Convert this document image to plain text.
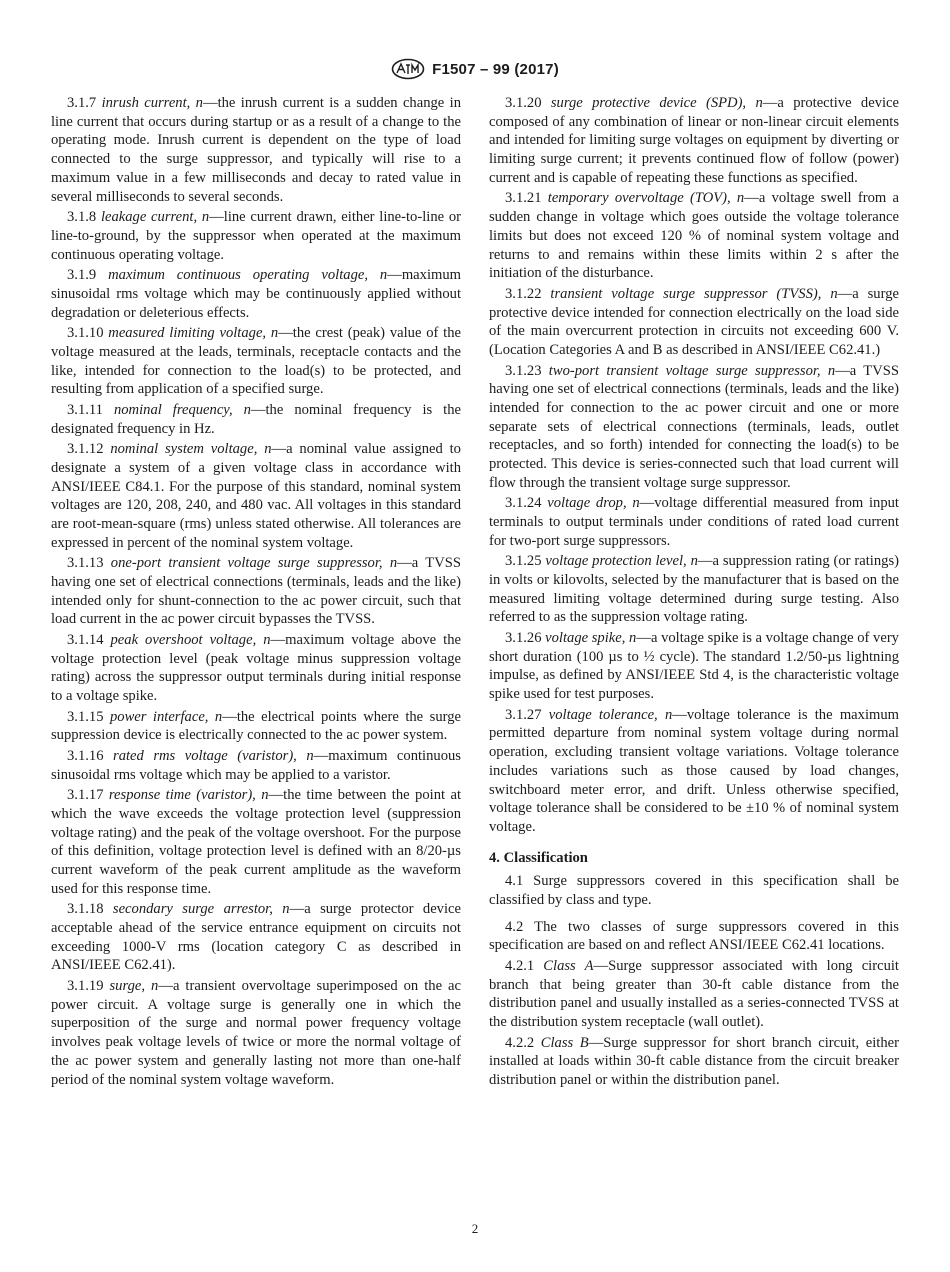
F1507 – 99 (2017)

3.1.7 inrush current, n—the inrush current is a sudden change in line current that occurs during startup or as a result of a change to the operating mode. Inrush current is dependent on the type of load connected to the surge suppressor, and typically will rise to a maximum value in a few milliseconds and decay to rated value in several milliseconds to several seconds.

3.1.8 leakage current, n—line current drawn, either line-to-line or line-to-ground, by the suppressor when operated at the maximum continuous operating voltage.

3.1.9 maximum continuous operating voltage, n—maximum sinusoidal rms voltage which may be continuously applied without degradation or deleterious effects.

3.1.10 measured limiting voltage, n—the crest (peak) value of the voltage measured at the leads, terminals, receptacle contacts and the like, intended for connection to the load(s) to be protected, and resulting from application of a specified surge.

3.1.11 nominal frequency, n—the nominal frequency is the designated frequency in Hz.

3.1.12 nominal system voltage, n—a nominal value assigned to designate a system of a given voltage class in accordance with ANSI/IEEE C84.1. For the purpose of this standard, nominal system voltages are 120, 208, 240, and 480 vac. All voltages in this standard are root-mean-square (rms) unless stated otherwise. All tolerances are expressed in percent of the nominal system voltage.

3.1.13 one-port transient voltage surge suppressor, n—a TVSS having one set of electrical connections (terminals, leads and the like) intended only for shunt-connection to the ac power circuit, such that load current in the ac power circuit bypasses the TVSS.

3.1.14 peak overshoot voltage, n—maximum voltage above the voltage protection level (peak voltage minus suppression voltage rating) across the suppressor output terminals during initial response to a voltage spike.

3.1.15 power interface, n—the electrical points where the surge suppression device is electrically connected to the ac power system.

3.1.16 rated rms voltage (varistor), n—maximum continuous sinusoidal rms voltage which may be applied to a varistor.

3.1.17 response time (varistor), n—the time between the point at which the wave exceeds the voltage protection level (suppression voltage rating) and the peak of the voltage overshoot. For the purpose of this definition, voltage protection level is defined with an 8/20-µs current waveform of the peak current amplitude as the waveform used for this response time.

3.1.18 secondary surge arrestor, n—a surge protector device acceptable ahead of the service entrance equipment on circuits not exceeding 1000-V rms (location category C as described in ANSI/IEEE C62.41).

3.1.19 surge, n—a transient overvoltage superimposed on the ac power circuit. A voltage surge is generally one in which the superposition of the surge and normal power frequency voltage involves peak voltage levels of twice or more the normal voltage of the ac power system and generally lasting not more than one-half period of the nominal system voltage waveform.

3.1.20 surge protective device (SPD), n—a protective device composed of any combination of linear or non-linear circuit elements and intended for limiting surge voltages on equipment by diverting or limiting surge current; it prevents continued flow of follow (power) current and is capable of repeating these functions as specified.

3.1.21 temporary overvoltage (TOV), n—a voltage swell from a sudden change in voltage which goes outside the voltage tolerance limits but does not exceed 120 % of nominal system voltage and returns to and remains within these limits within 2 s after the initiation of the disturbance.

3.1.22 transient voltage surge suppressor (TVSS), n—a surge protective device intended for connection electrically on the load side of the main overcurrent protection in circuits not exceeding 600 V. (Location Categories A and B as described in ANSI/IEEE C62.41.)

3.1.23 two-port transient voltage surge suppressor, n—a TVSS having one set of electrical connections (terminals, leads and the like) intended for connection to the ac power circuit and one or more separate sets of electrical connections (terminals, leads, outlet receptacles, and so forth) intended for connecting the load(s) to be protected. This device is series-connected such that load current will flow through the transient voltage surge suppressor.

3.1.24 voltage drop, n—voltage differential measured from input terminals to output terminals under conditions of rated load current for two-port surge suppressors.

3.1.25 voltage protection level, n—a suppression rating (or ratings) in volts or kilovolts, selected by the manufacturer that is based on the measured limiting voltage determined during surge testing. Also referred to as the suppression voltage rating.

3.1.26 voltage spike, n—a voltage spike is a voltage change of very short duration (100 µs to ½ cycle). The standard 1.2/50-µs lightning impulse, as defined by ANSI/IEEE Std 4, is the characteristic voltage spike used for test purposes.

3.1.27 voltage tolerance, n—voltage tolerance is the maximum permitted departure from nominal system voltage during normal operation, excluding transient voltage variations. Voltage tolerance includes variations such as those caused by load changes, switchboard meter error, and drift. Unless otherwise specified, voltage tolerance shall be considered to be ±10 % of nominal system voltage.

4. Classification

4.1 Surge suppressors covered in this specification shall be classified by class and type.

4.2 The two classes of surge suppressors covered in this specification are based on and reflect ANSI/IEEE C62.41 locations.

4.2.1 Class A—Surge suppressor associated with long circuit branch that being greater than 30-ft cable distance from the distribution panel and usually installed as a series-connected TVSS at the distribution system receptacle (wall outlet).

4.2.2 Class B—Surge suppressor for short branch circuit, either installed at loads within 30-ft cable distance from the circuit breaker distribution panel or within the distribution panel.

2
